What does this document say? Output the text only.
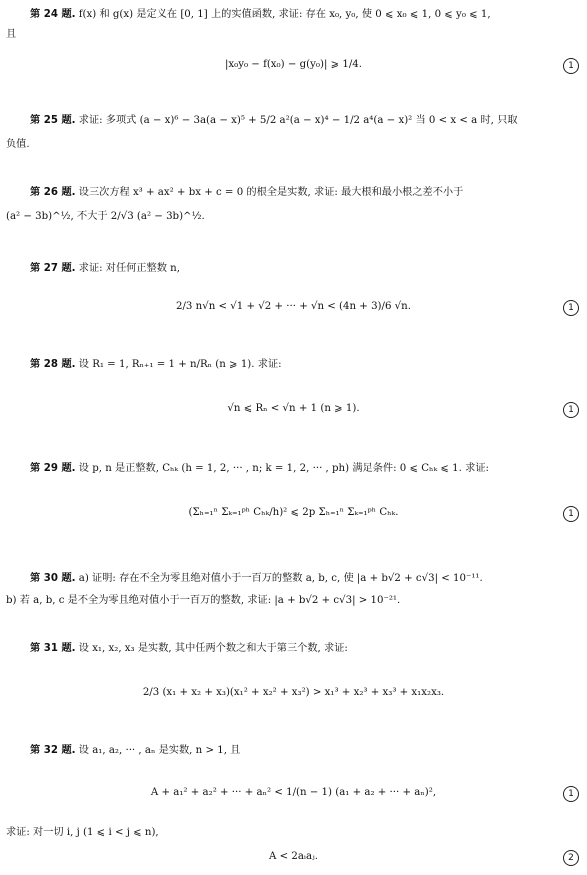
第 24 题. f(x) 和 g(x) 是定义在 [0, 1] 上的实值函数, 求证: 存在 x₀, y₀, 使 0 ⩽ x₀ ⩽ 1, 0 ⩽ y₀ ⩽ 1,
且
|x₀y₀ − f(x₀) − g(y₀)| ⩾ 1/4.	1
第 25 题. 求证: 多项式 (a − x)⁶ − 3a(a − x)⁵ + 5/2 a²(a − x)⁴ − 1/2 a⁴(a − x)² 当 0 < x < a 时, 只取
负值.
第 26 题. 设三次方程 x³ + ax² + bx + c = 0 的根全是实数, 求证: 最大根和最小根之差不小于
(a² − 3b)^½, 不大于 2/√3 (a² − 3b)^½.
第 27 题. 求证: 对任何正整数 n,
2/3 n√n < √1 + √2 + ··· + √n < (4n + 3)/6 √n.	1
第 28 题. 设 R₁ = 1, Rₙ₊₁ = 1 + n/Rₙ (n ⩾ 1). 求证:
√n ⩽ Rₙ < √n + 1 (n ⩾ 1).	1
第 29 题. 设 p, n 是正整数, Cₕₖ (h = 1, 2, ··· , n; k = 1, 2, ··· , ph) 满足条件: 0 ⩽ Cₕₖ ⩽ 1. 求证:
(Σₕ₌₁ⁿ Σₖ₌₁ᵖʰ Cₕₖ/h)² ⩽ 2p Σₕ₌₁ⁿ Σₖ₌₁ᵖʰ Cₕₖ.	1
第 30 题. a) 证明: 存在不全为零且绝对值小于一百万的整数 a, b, c, 使 |a + b√2 + c√3| < 10⁻¹¹.
b) 若 a, b, c 是不全为零且绝对值小于一百万的整数, 求证: |a + b√2 + c√3| > 10⁻²¹.
第 31 题. 设 x₁, x₂, x₃ 是实数, 其中任两个数之和大于第三个数, 求证:
2/3 (x₁ + x₂ + x₃)(x₁² + x₂² + x₃²) > x₁³ + x₂³ + x₃³ + x₁x₂x₃.
第 32 题. 设 a₁, a₂, ··· , aₙ 是实数, n > 1, 且
A + a₁² + a₂² + ··· + aₙ² < 1/(n − 1) (a₁ + a₂ + ··· + aₙ)²,	1
求证: 对一切 i, j (1 ⩽ i < j ⩽ n),
A < 2aᵢaⱼ.	2
